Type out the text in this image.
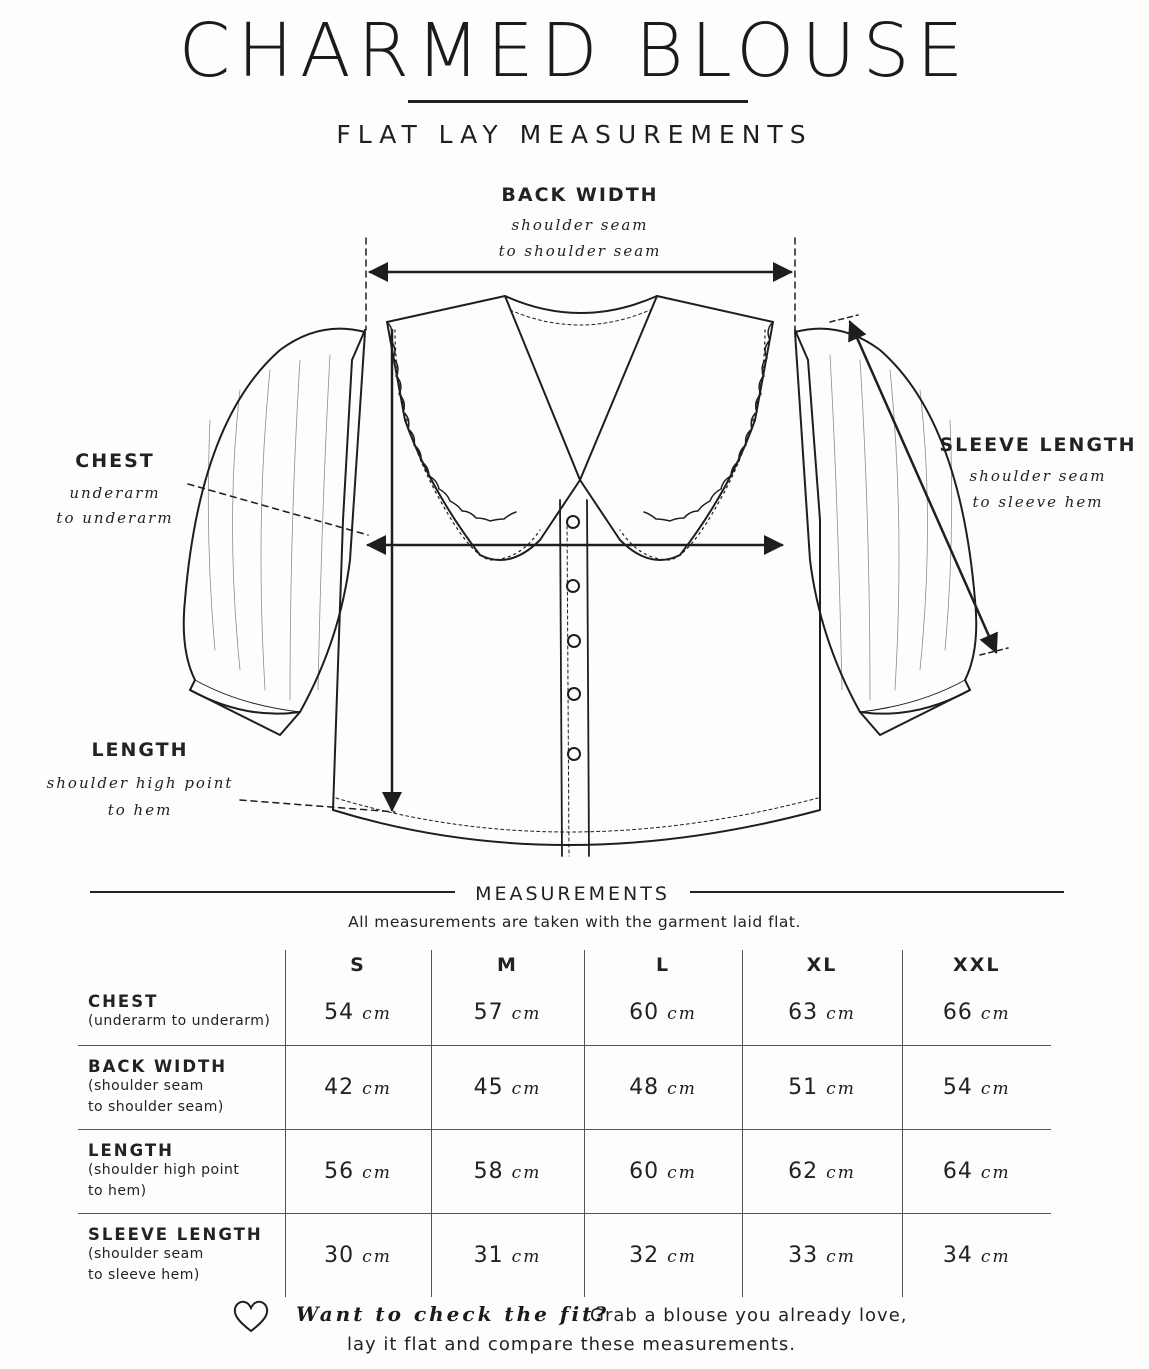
CHARMED BLOUSE
FLAT LAY MEASUREMENTS
BACK WIDTH
shoulder seam
to shoulder seam
CHEST
underarm
to underarm
SLEEVE LENGTH
shoulder seam
to sleeve hem
LENGTH
shoulder high point
to hem
MEASUREMENTS
All measurements are taken with the garment laid flat.
	S	M	L	XL	XXL

CHEST
(underarm to underarm)	54 cm	57 cm	60 cm	63 cm	66 cm

BACK WIDTH
(shoulder seam
to shoulder seam)	42 cm	45 cm	48 cm	51 cm	54 cm

LENGTH
(shoulder high point
to hem)	56 cm	58 cm	60 cm	62 cm	64 cm

SLEEVE LENGTH
(shoulder seam
to sleeve hem)	30 cm	31 cm	32 cm	33 cm	34 cm
Want to check the fit?
Grab a blouse you already love,
lay it flat and compare these measurements.
